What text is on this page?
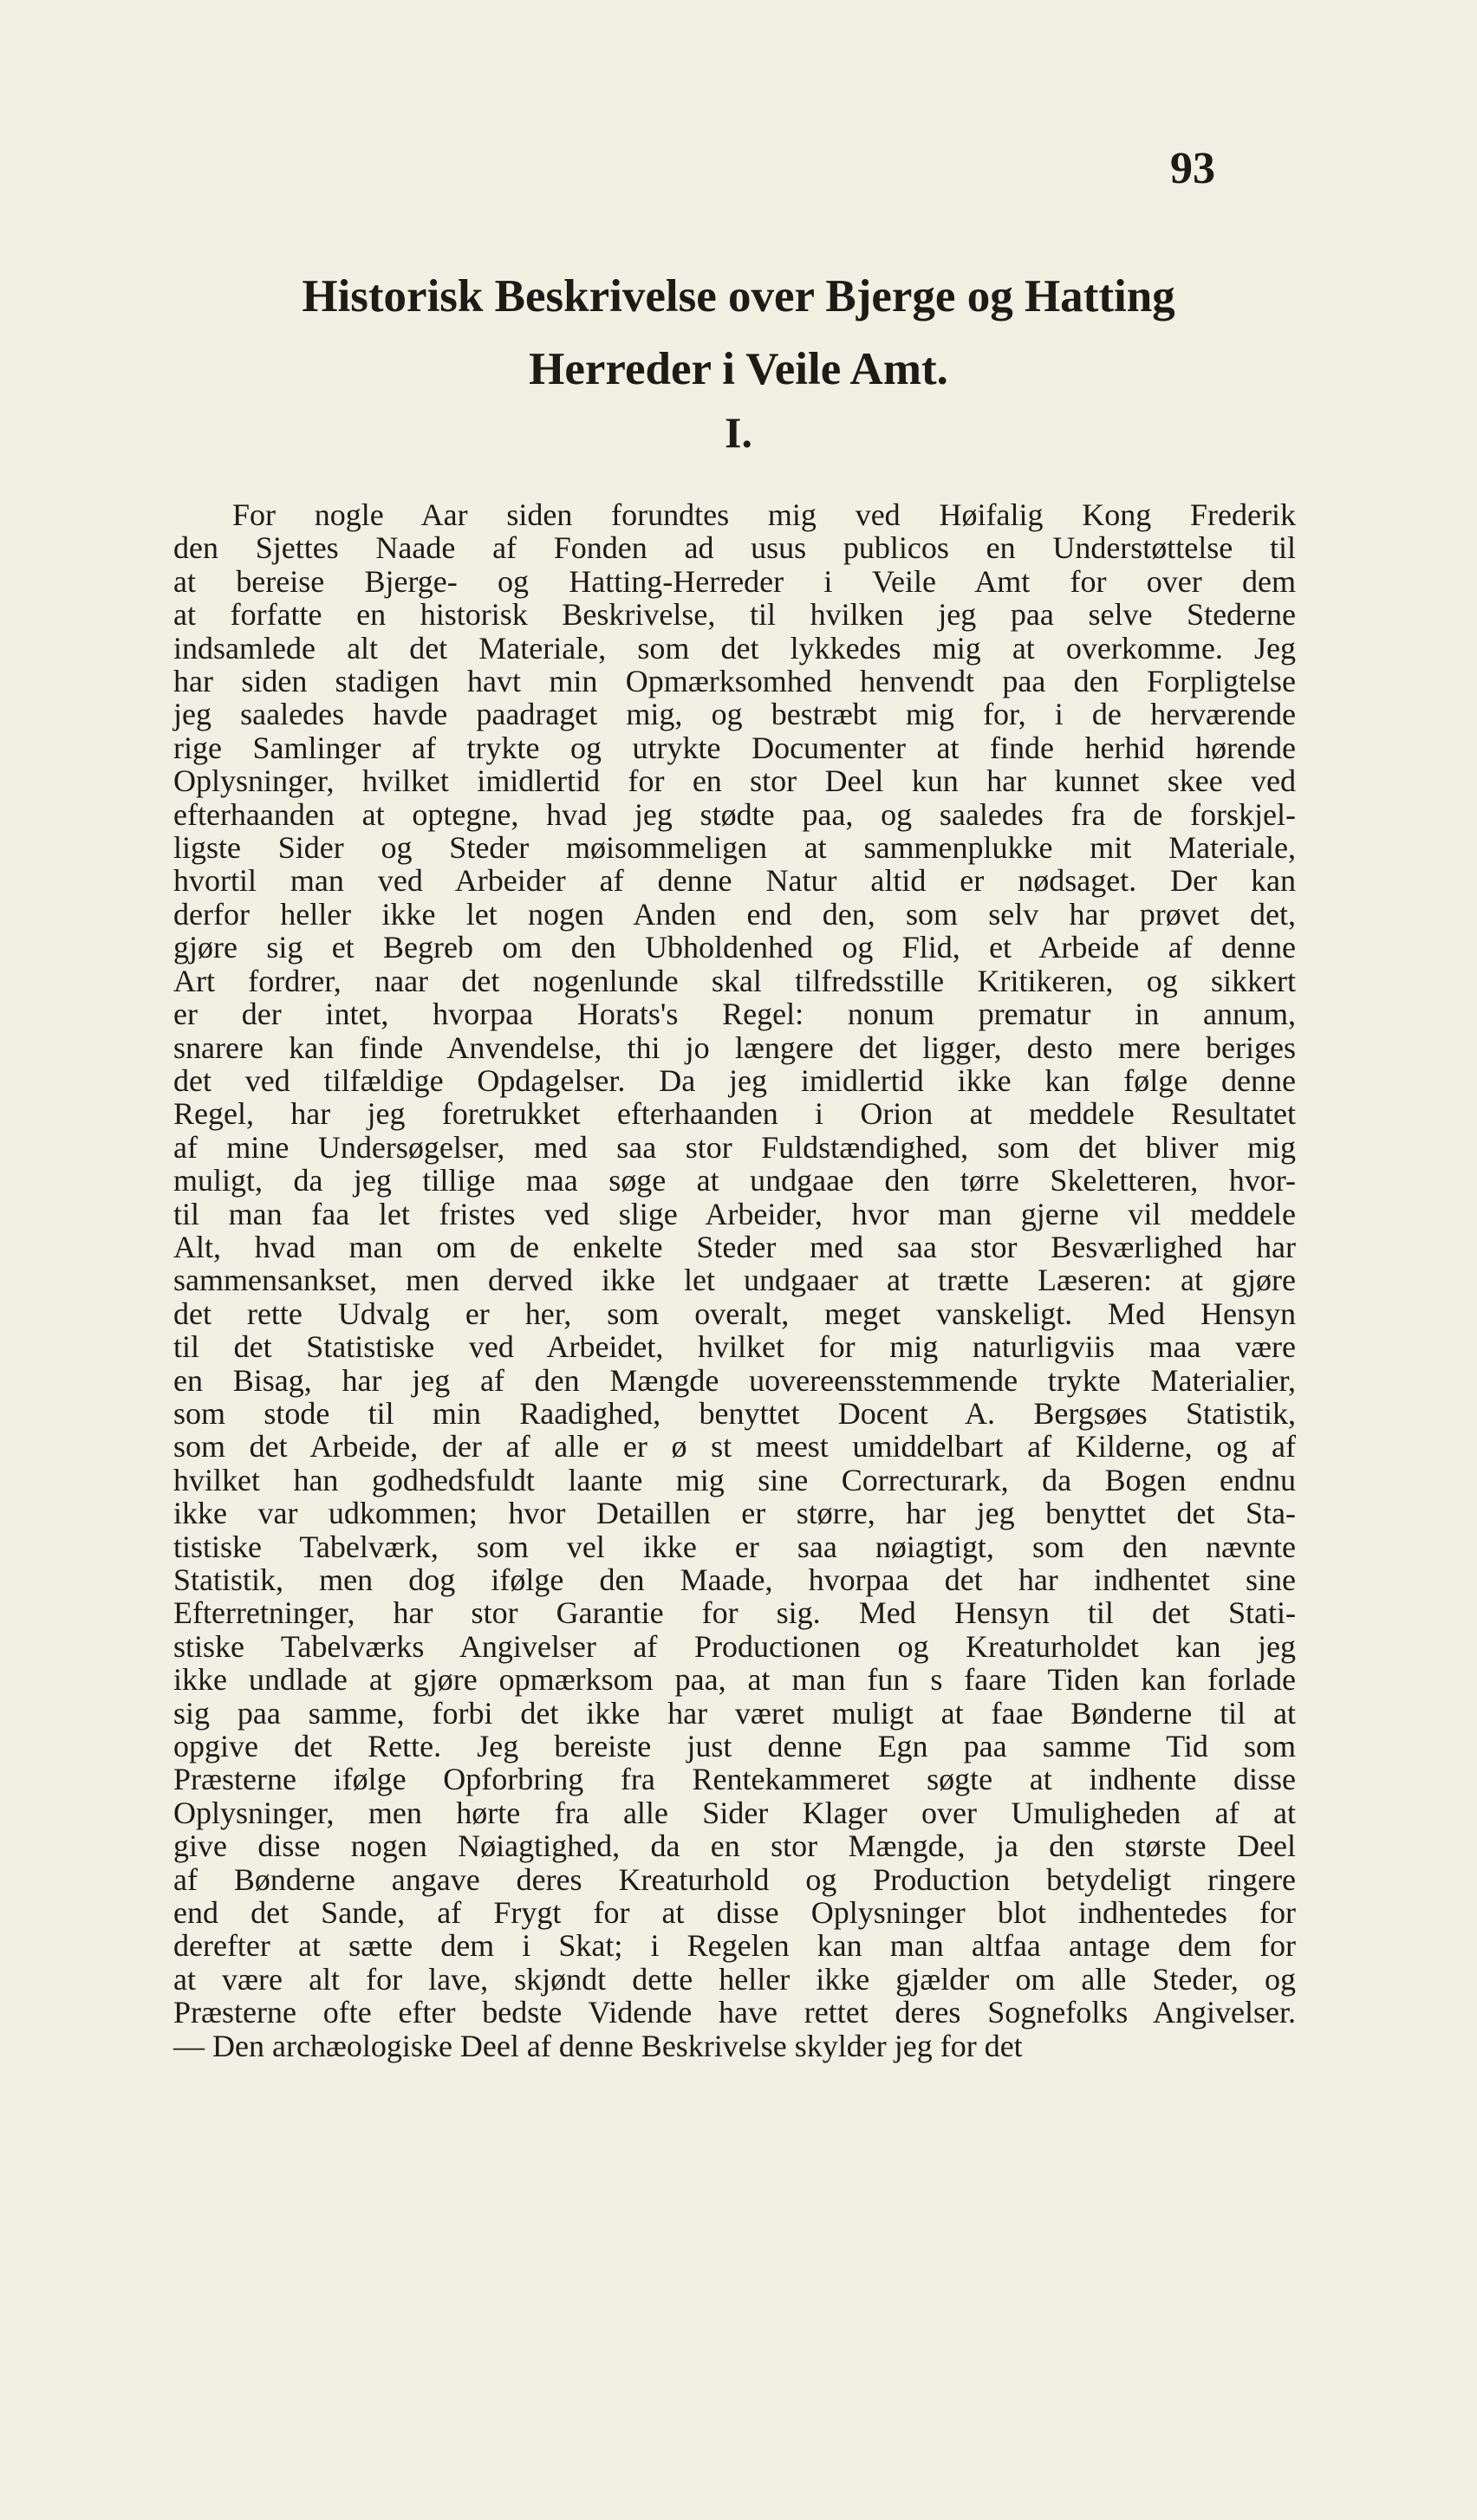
93
Historisk Beskrivelse over Bjerge og Hatting
Herreder i Veile Amt.
I.
For nogle Aar siden forundtes mig ved Høifalig Kong Frederik
den Sjettes Naade af Fonden ad usus publicos en Understøttelse til
at bereise Bjerge- og Hatting-Herreder i Veile Amt for over dem
at forfatte en historisk Beskrivelse, til hvilken jeg paa selve Stederne
indsamlede alt det Materiale, som det lykkedes mig at overkomme. Jeg
har siden stadigen havt min Opmærksomhed henvendt paa den Forpligtelse
jeg saaledes havde paadraget mig, og bestræbt mig for, i de herværende
rige Samlinger af trykte og utrykte Documenter at finde herhid hørende
Oplysninger, hvilket imidlertid for en stor Deel kun har kunnet skee ved
efterhaanden at optegne, hvad jeg stødte paa, og saaledes fra de forskjel-
ligste Sider og Steder møisommeligen at sammenplukke mit Materiale,
hvortil man ved Arbeider af denne Natur altid er nødsaget. Der kan
derfor heller ikke let nogen Anden end den, som selv har prøvet det,
gjøre sig et Begreb om den Ubholdenhed og Flid, et Arbeide af denne
Art fordrer, naar det nogenlunde skal tilfredsstille Kritikeren, og sikkert
er der intet, hvorpaa Horats's Regel: nonum prematur in annum,
snarere kan finde Anvendelse, thi jo længere det ligger, desto mere beriges
det ved tilfældige Opdagelser. Da jeg imidlertid ikke kan følge denne
Regel, har jeg foretrukket efterhaanden i Orion at meddele Resultatet
af mine Undersøgelser, med saa stor Fuldstændighed, som det bliver mig
muligt, da jeg tillige maa søge at undgaae den tørre Skeletteren, hvor-
til man faa let fristes ved slige Arbeider, hvor man gjerne vil meddele
Alt, hvad man om de enkelte Steder med saa stor Besværlighed har
sammensankset, men derved ikke let undgaaer at trætte Læseren: at gjøre
det rette Udvalg er her, som overalt, meget vanskeligt. Med Hensyn
til det Statistiske ved Arbeidet, hvilket for mig naturligviis maa være
en Bisag, har jeg af den Mængde uovereensstemmende trykte Materialier,
som stode til min Raadighed, benyttet Docent A. Bergsøes Statistik,
som det Arbeide, der af alle er ø st meest umiddelbart af Kilderne, og af
hvilket han godhedsfuldt laante mig sine Correcturark, da Bogen endnu
ikke var udkommen; hvor Detaillen er større, har jeg benyttet det Sta-
tistiske Tabelværk, som vel ikke er saa nøiagtigt, som den nævnte
Statistik, men dog ifølge den Maade, hvorpaa det har indhentet sine
Efterretninger, har stor Garantie for sig. Med Hensyn til det Stati-
stiske Tabelværks Angivelser af Productionen og Kreaturholdet kan jeg
ikke undlade at gjøre opmærksom paa, at man fun s faare Tiden kan forlade
sig paa samme, forbi det ikke har været muligt at faae Bønderne til at
opgive det Rette. Jeg bereiste just denne Egn paa samme Tid som
Præsterne ifølge Opforbring fra Rentekammeret søgte at indhente disse
Oplysninger, men hørte fra alle Sider Klager over Umuligheden af at
give disse nogen Nøiagtighed, da en stor Mængde, ja den største Deel
af Bønderne angave deres Kreaturhold og Production betydeligt ringere
end det Sande, af Frygt for at disse Oplysninger blot indhentedes for
derefter at sætte dem i Skat; i Regelen kan man altfaa antage dem for
at være alt for lave, skjøndt dette heller ikke gjælder om alle Steder, og
Præsterne ofte efter bedste Vidende have rettet deres Sognefolks Angivelser.
— Den archæologiske Deel af denne Beskrivelse skylder jeg for det
